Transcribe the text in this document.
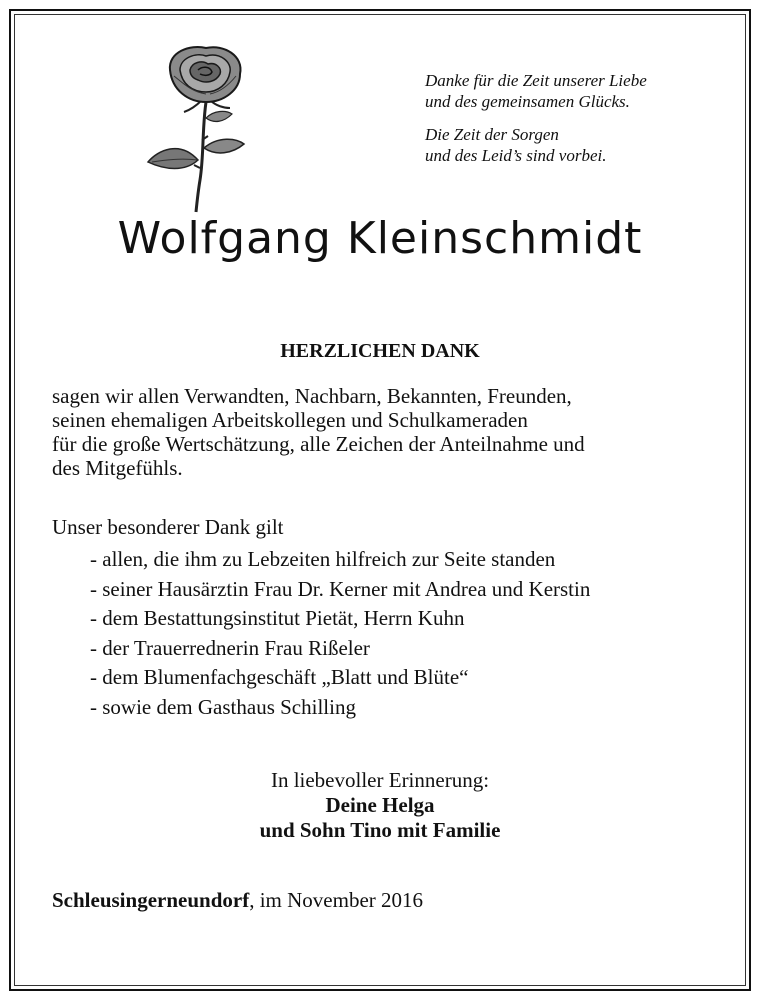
Danke für die Zeit unserer Liebe
und des gemeinsamen Glücks.
Die Zeit der Sorgen
und des Leid’s sind vorbei.
Wolfgang Kleinschmidt
HERZLICHEN DANK
sagen wir allen Verwandten, Nachbarn, Bekannten, Freunden,
seinen ehemaligen Arbeitskollegen und Schulkameraden
für die große Wertschätzung, alle Zeichen der Anteilnahme und
des Mitgefühls.
Unser besonderer Dank gilt
- allen, die ihm zu Lebzeiten hilfreich zur Seite standen
- seiner Hausärztin Frau Dr. Kerner mit Andrea und Kerstin
- dem Bestattungsinstitut Pietät, Herrn Kuhn
- der Trauerrednerin Frau Rißeler
- dem Blumenfachgeschäft „Blatt und Blüte“
- sowie dem Gasthaus Schilling
In liebevoller Erinnerung:
Deine Helga
und Sohn Tino mit Familie
Schleusingerneundorf, im November 2016
